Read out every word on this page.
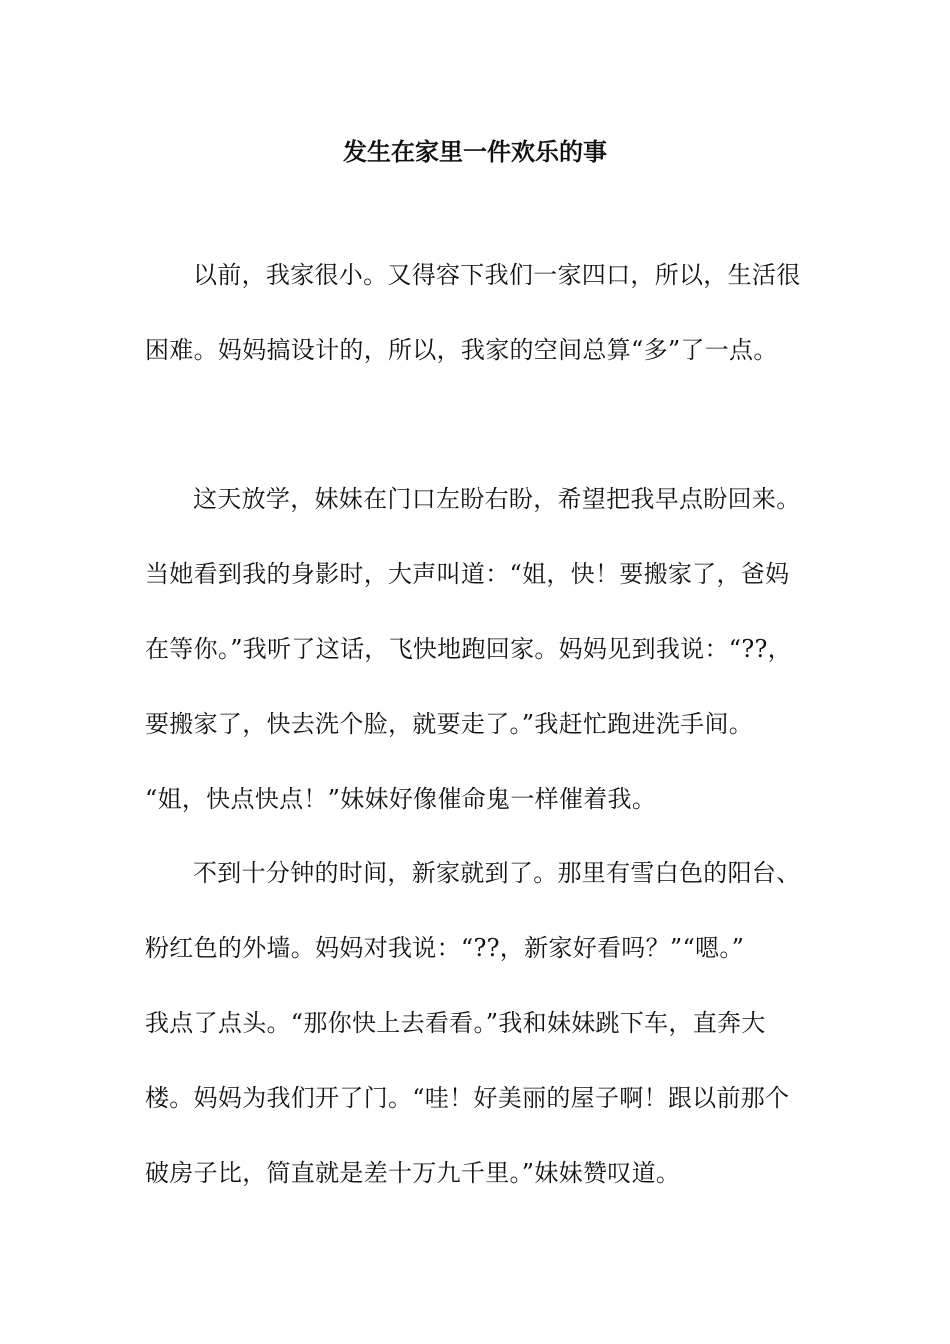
发生在家里一件欢乐的事
以前，我家很小。又得容下我们一家四口，所以，生活很
困难。妈妈搞设计的，所以，我家的空间总算“多”了一点。
这天放学，妹妹在门口左盼右盼，希望把我早点盼回来。
当她看到我的身影时，大声叫道：“姐，快！要搬家了，爸妈
在等你。”我听了这话，飞快地跑回家。妈妈见到我说：“??，
要搬家了，快去洗个脸，就要走了。”我赶忙跑进洗手间。
“姐，快点快点！”妹妹好像催命鬼一样催着我。
不到十分钟的时间，新家就到了。那里有雪白色的阳台、
粉红色的外墙。妈妈对我说：“??，新家好看吗？”“嗯。”
我点了点头。“那你快上去看看。”我和妹妹跳下车，直奔大
楼。妈妈为我们开了门。“哇！好美丽的屋子啊！跟以前那个
破房子比，简直就是差十万九千里。”妹妹赞叹道。
